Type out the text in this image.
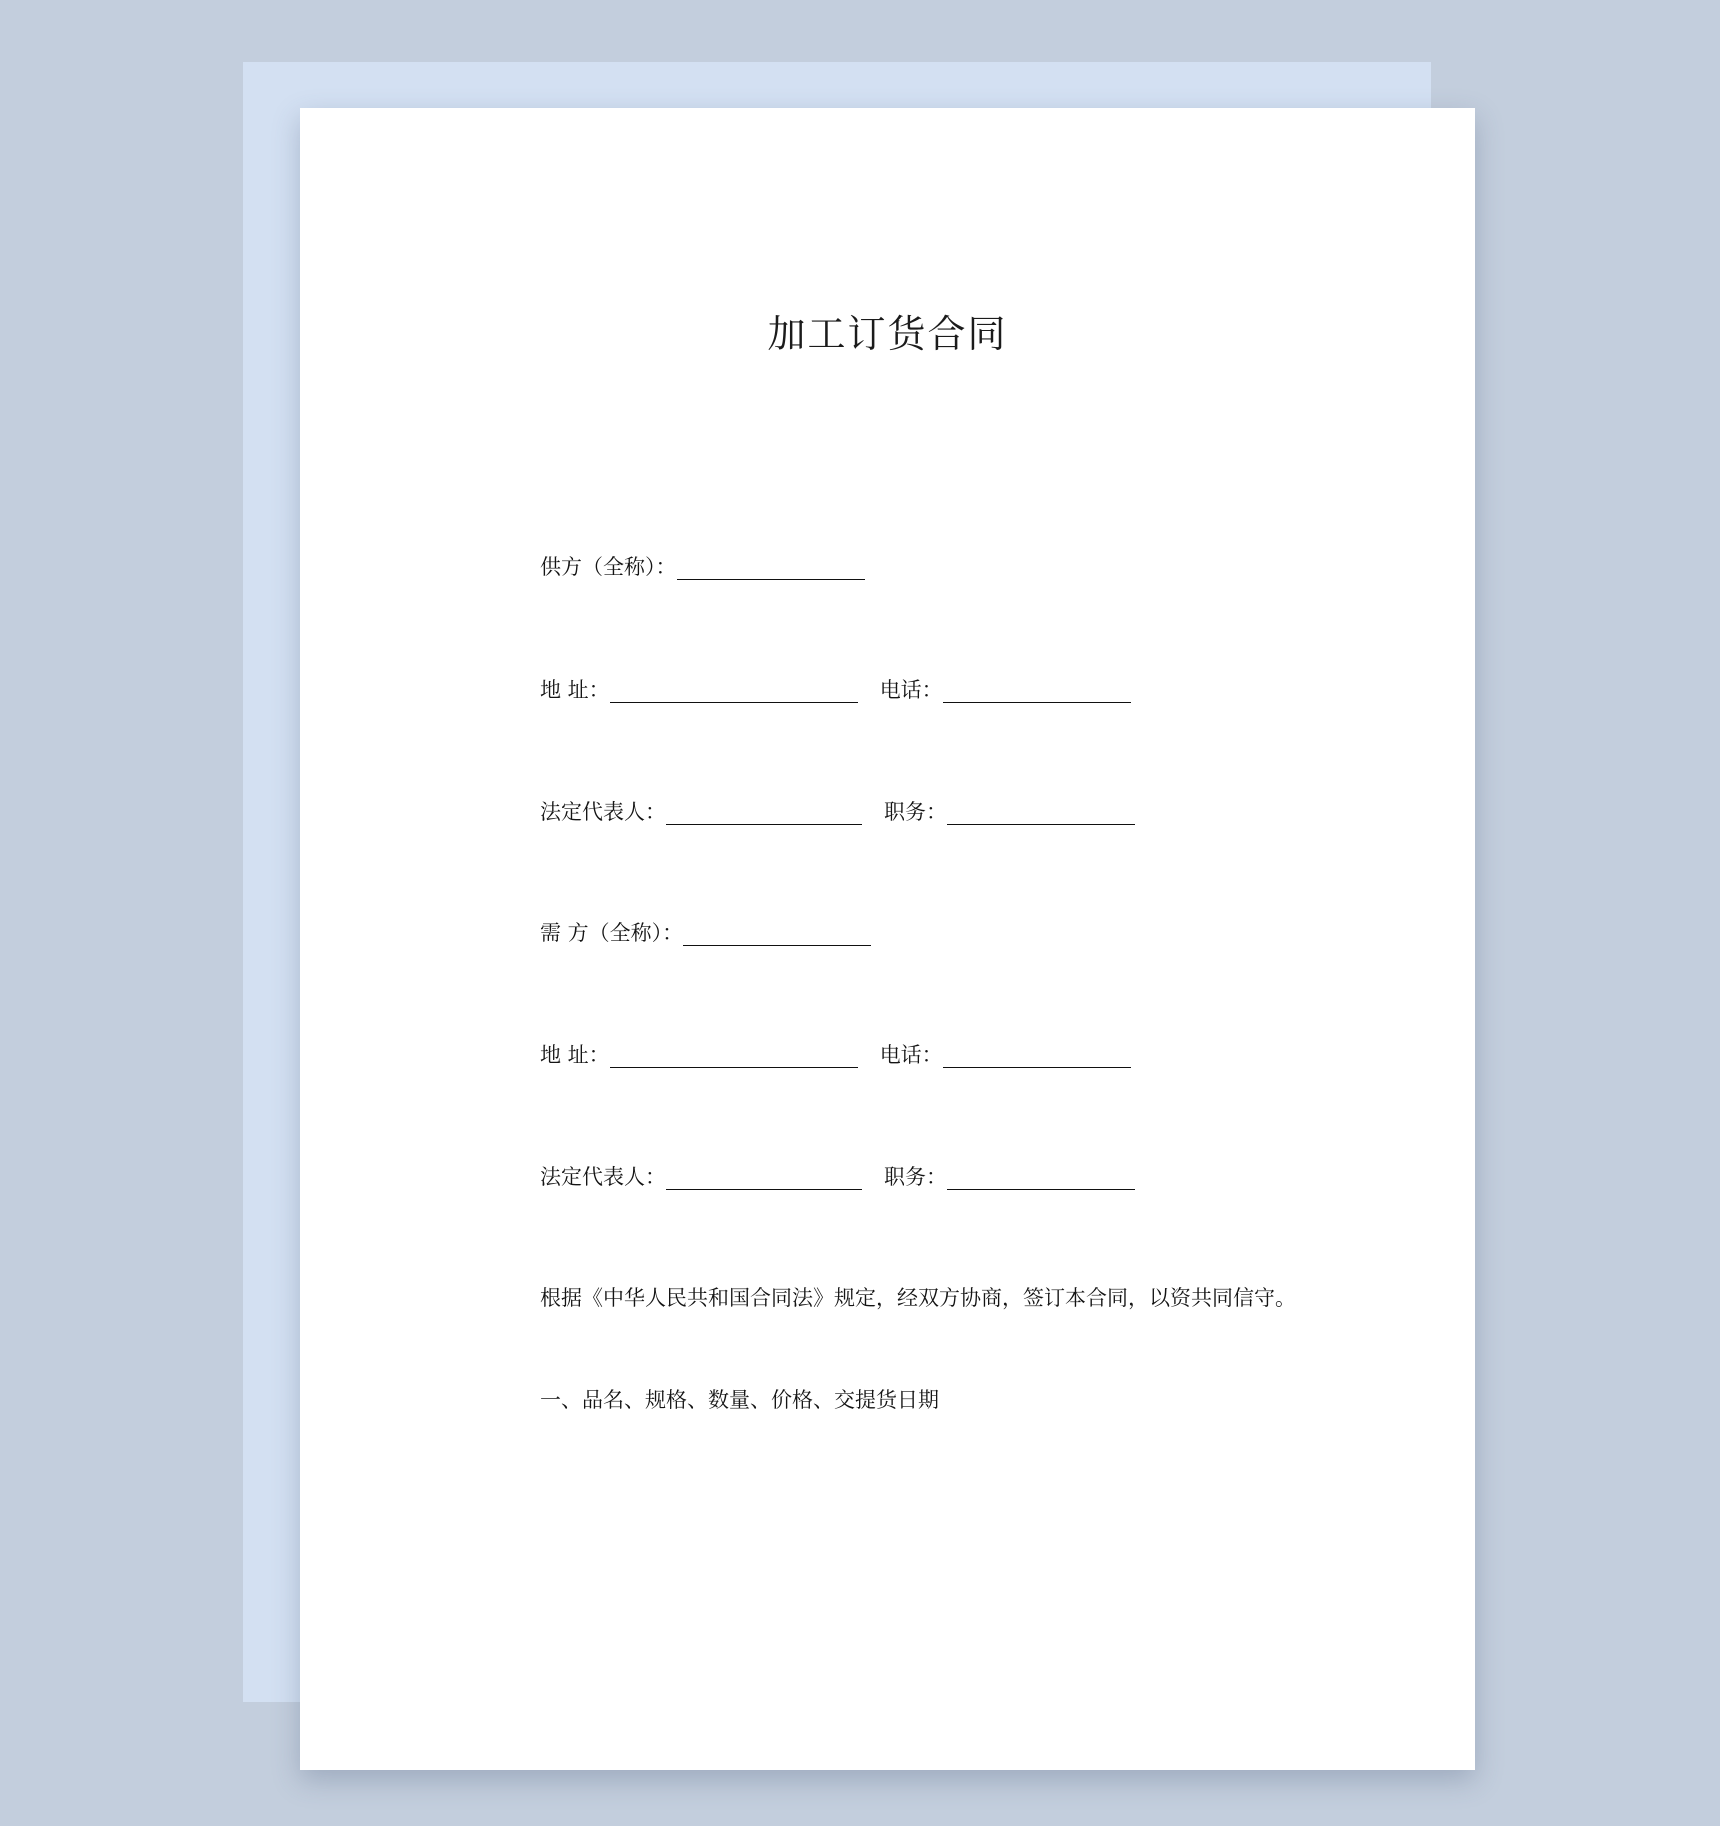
加工订货合同
供方（全称）：
地 址：	电话：
法定代表人：	职务：
需 方（全称）：
地 址：	电话：
法定代表人：	职务：
根据《中华人民共和国合同法》规定，经双方协商，签订本合同，以资共同信守。
一、品名、规格、数量、价格、交提货日期
